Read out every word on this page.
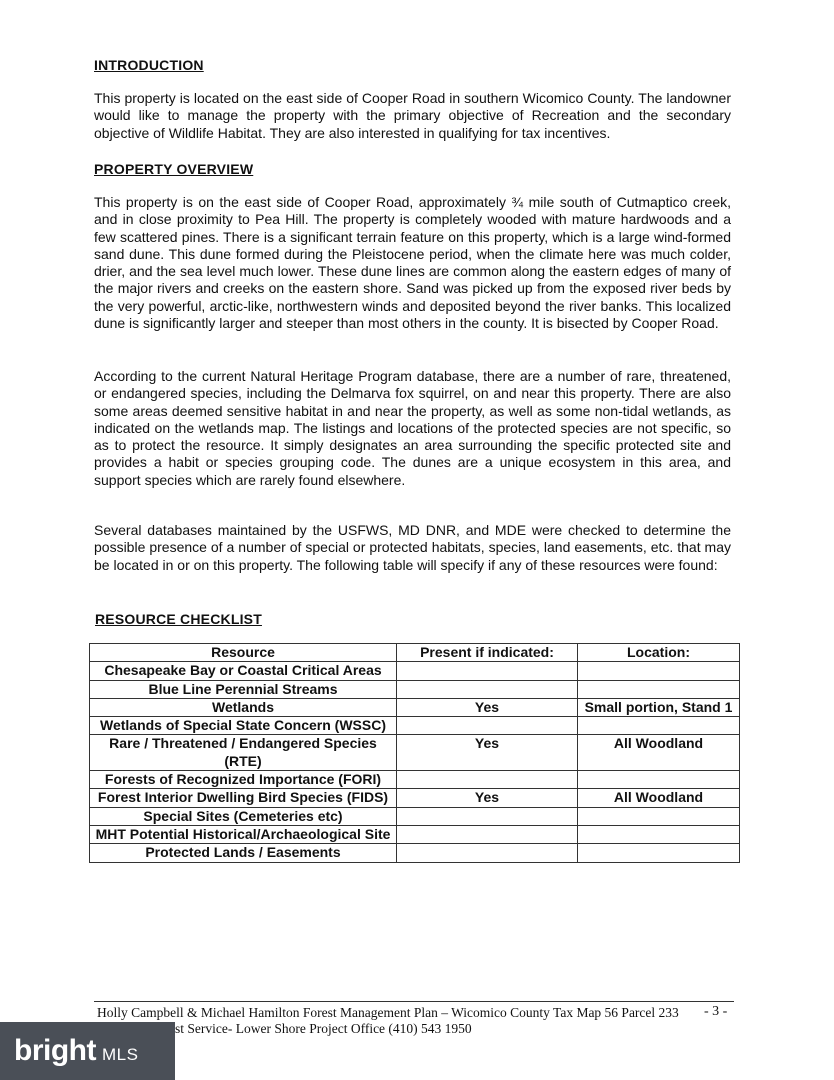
INTRODUCTION

This property is located on the east side of Cooper Road in southern Wicomico County. The landowner would like to manage the property with the primary objective of Recreation and the secondary objective of Wildlife Habitat. They are also interested in qualifying for tax incentives.

PROPERTY OVERVIEW

This property is on the east side of Cooper Road, approximately ¾ mile south of Cutmaptico creek, and in close proximity to Pea Hill. The property is completely wooded with mature hardwoods and a few scattered pines. There is a significant terrain feature on this property, which is a large wind-formed sand dune. This dune formed during the Pleistocene period, when the climate here was much colder, drier, and the sea level much lower. These dune lines are common along the eastern edges of many of the major rivers and creeks on the eastern shore. Sand was picked up from the exposed river beds by the very powerful, arctic-like, northwestern winds and deposited beyond the river banks. This localized dune is significantly larger and steeper than most others in the county. It is bisected by Cooper Road.

According to the current Natural Heritage Program database, there are a number of rare, threatened, or endangered species, including the Delmarva fox squirrel, on and near this property. There are also some areas deemed sensitive habitat in and near the property, as well as some non-tidal wetlands, as indicated on the wetlands map. The listings and locations of the protected species are not specific, so as to protect the resource. It simply designates an area surrounding the specific protected site and provides a habit or species grouping code. The dunes are a unique ecosystem in this area, and support species which are rarely found elsewhere.

Several databases maintained by the USFWS, MD DNR, and MDE were checked to determine the possible presence of a number of special or protected habitats, species, land easements, etc. that may be located in or on this property. The following table will specify if any of these resources were found:

RESOURCE CHECKLIST
Resource	Present if indicated:	Location:
Chesapeake Bay or Coastal Critical Areas		
Blue Line Perennial Streams		
Wetlands	Yes	Small portion, Stand 1
Wetlands of Special State Concern (WSSC)		
Rare / Threatened / Endangered Species (RTE)	Yes	All Woodland
Forests of Recognized Importance (FORI)		
Forest Interior Dwelling Bird Species (FIDS)	Yes	All Woodland
Special Sites (Cemeteries etc)		
MHT Potential Historical/Archaeological Site		
Protected Lands / Easements		
Holly Campbell & Michael Hamilton Forest Management Plan – Wicomico County Tax Map 56 Parcel 233 - 3 -
st Service- Lower Shore Project Office (410) 543 1950
bright MLS
